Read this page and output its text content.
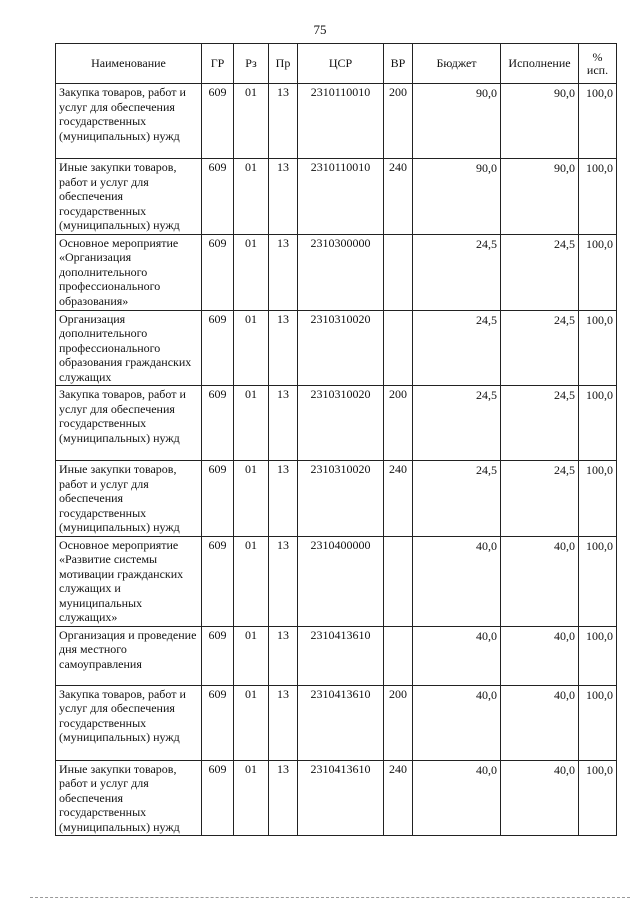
75
Наименование	ГР	Рз	Пр	ЦСР	ВР	Бюджет	Исполнение	% исп.
Закупка товаров, работ и услуг для обеспечения государственных (муниципальных) нужд	609	01	13	2310110010	200	90,0	90,0	100,0
Иные закупки товаров, работ и услуг для обеспечения государственных (муниципальных) нужд	609	01	13	2310110010	240	90,0	90,0	100,0
Основное мероприятие «Организация дополнительного профессионального образования»	609	01	13	2310300000		24,5	24,5	100,0
Организация дополнительного профессионального образования гражданских служащих	609	01	13	2310310020		24,5	24,5	100,0
Закупка товаров, работ и услуг для обеспечения государственных (муниципальных) нужд	609	01	13	2310310020	200	24,5	24,5	100,0
Иные закупки товаров, работ и услуг для обеспечения государственных (муниципальных) нужд	609	01	13	2310310020	240	24,5	24,5	100,0
Основное мероприятие «Развитие системы мотивации гражданских служащих и муниципальных служащих»	609	01	13	2310400000		40,0	40,0	100,0
Организация и проведение дня местного самоуправления	609	01	13	2310413610		40,0	40,0	100,0
Закупка товаров, работ и услуг для обеспечения государственных (муниципальных) нужд	609	01	13	2310413610	200	40,0	40,0	100,0
Иные закупки товаров, работ и услуг для обеспечения государственных (муниципальных) нужд	609	01	13	2310413610	240	40,0	40,0	100,0
